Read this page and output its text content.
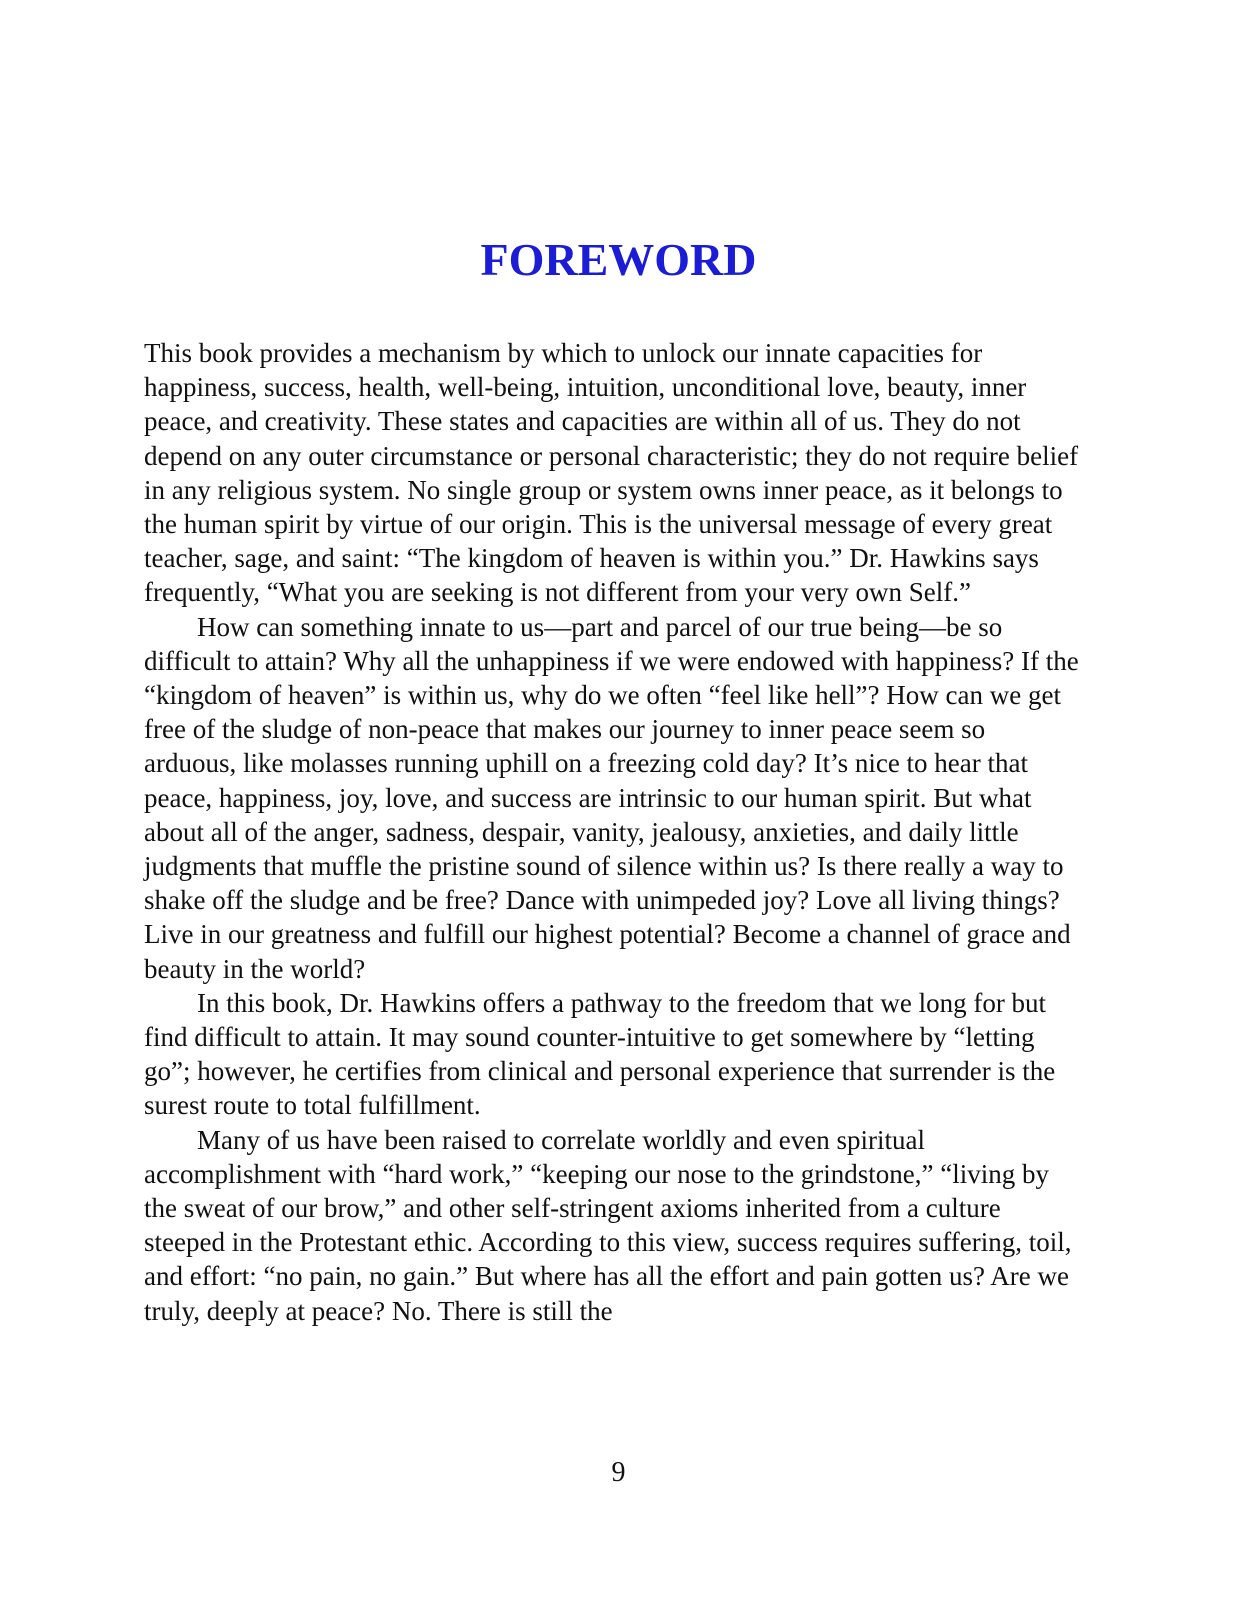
FOREWORD

This book provides a mechanism by which to unlock our innate capacities for happiness, success, health, well-being, intuition, unconditional love, beauty, inner peace, and creativity. These states and capacities are within all of us. They do not depend on any outer circumstance or personal characteristic; they do not require belief in any religious system. No single group or system owns inner peace, as it belongs to the human spirit by virtue of our origin. This is the universal message of every great teacher, sage, and saint: “The kingdom of heaven is within you.” Dr. Hawkins says frequently, “What you are seeking is not different from your very own Self.”

How can something innate to us—part and parcel of our true being—be so difficult to attain? Why all the unhappiness if we were endowed with happiness? If the “kingdom of heaven” is within us, why do we often “feel like hell”? How can we get free of the sludge of non-peace that makes our journey to inner peace seem so arduous, like molasses running uphill on a freezing cold day? It’s nice to hear that peace, happiness, joy, love, and success are intrinsic to our human spirit. But what about all of the anger, sadness, despair, vanity, jealousy, anxieties, and daily little judgments that muffle the pristine sound of silence within us? Is there really a way to shake off the sludge and be free? Dance with unimpeded joy? Love all living things? Live in our greatness and fulfill our highest potential? Become a channel of grace and beauty in the world?

In this book, Dr. Hawkins offers a pathway to the freedom that we long for but find difficult to attain. It may sound counter-intuitive to get somewhere by “letting go”; however, he certifies from clinical and personal experience that surrender is the surest route to total fulfillment.

Many of us have been raised to correlate worldly and even spiritual accomplishment with “hard work,” “keeping our nose to the grindstone,” “living by the sweat of our brow,” and other self-stringent axioms inherited from a culture steeped in the Protestant ethic. According to this view, success requires suffering, toil, and effort: “no pain, no gain.” But where has all the effort and pain gotten us? Are we truly, deeply at peace? No. There is still the

9
